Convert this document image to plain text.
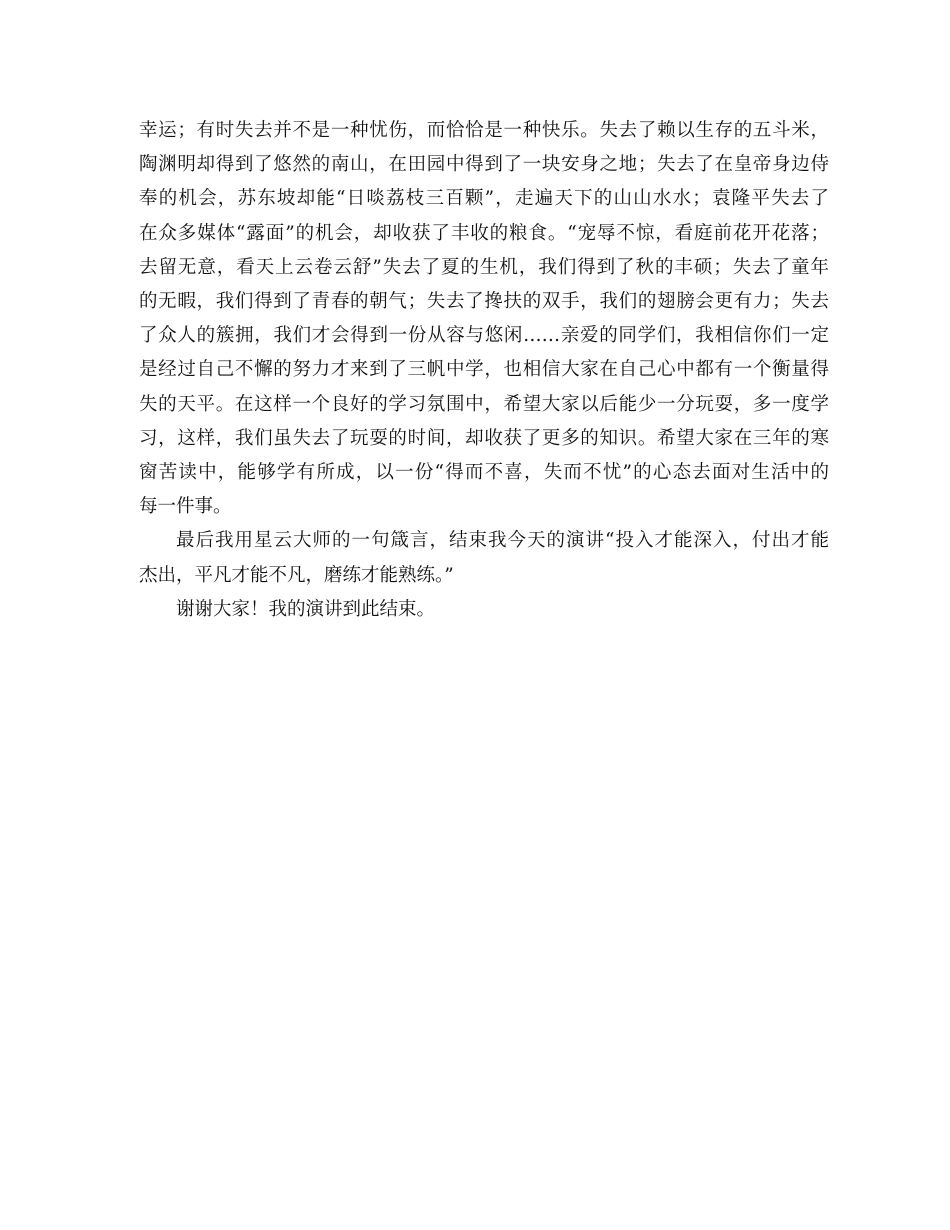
幸运；有时失去并不是一种忧伤，而恰恰是一种快乐。失去了赖以生存的五斗米，
陶渊明却得到了悠然的南山，在田园中得到了一块安身之地；失去了在皇帝身边侍
奉的机会，苏东坡却能“日啖荔枝三百颗”，走遍天下的山山水水；袁隆平失去了
在众多媒体“露面”的机会，却收获了丰收的粮食。“宠辱不惊，看庭前花开花落；
去留无意，看天上云卷云舒”失去了夏的生机，我们得到了秋的丰硕；失去了童年
的无暇，我们得到了青春的朝气；失去了搀扶的双手，我们的翅膀会更有力；失去
了众人的簇拥，我们才会得到一份从容与悠闲……亲爱的同学们，我相信你们一定
是经过自己不懈的努力才来到了三帆中学，也相信大家在自己心中都有一个衡量得
失的天平。在这样一个良好的学习氛围中，希望大家以后能少一分玩耍，多一度学
习，这样，我们虽失去了玩耍的时间，却收获了更多的知识。希望大家在三年的寒
窗苦读中，能够学有所成，以一份“得而不喜，失而不忧”的心态去面对生活中的
每一件事。
最后我用星云大师的一句箴言，结束我今天的演讲“投入才能深入，付出才能
杰出，平凡才能不凡，磨练才能熟练。”
谢谢大家！我的演讲到此结束。
